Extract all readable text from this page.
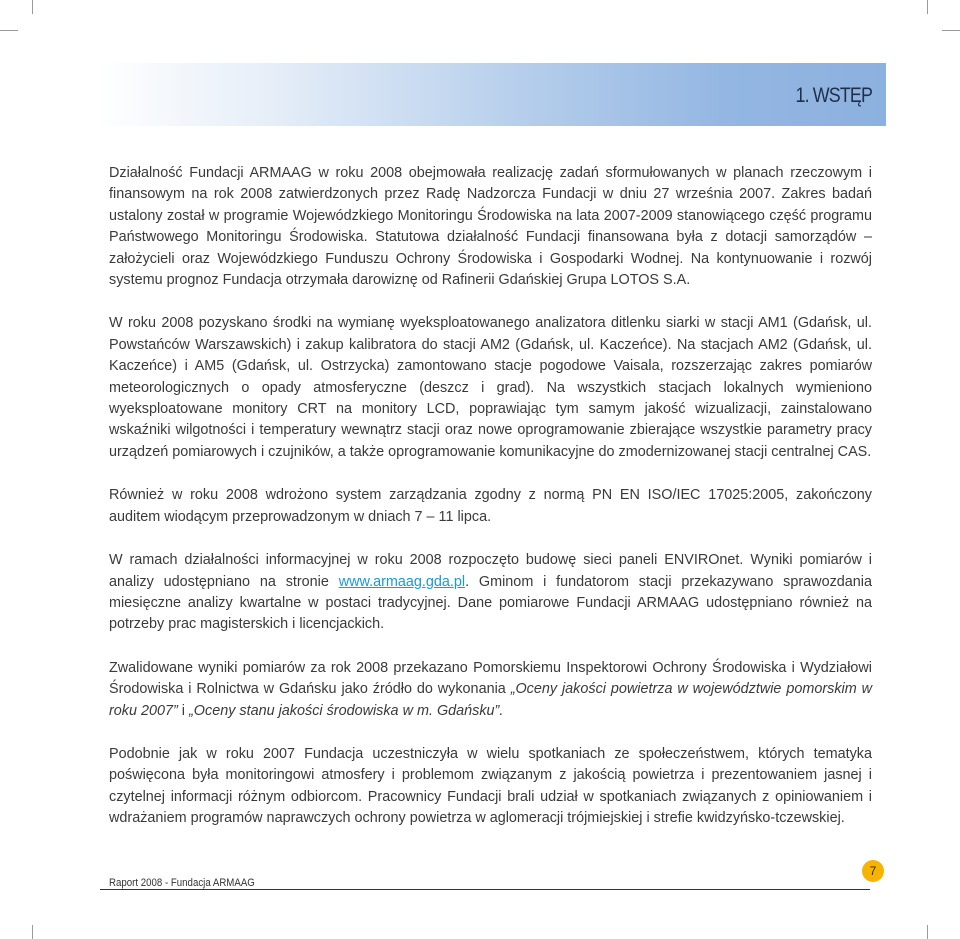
1. WSTĘP

Działalność Fundacji ARMAAG w roku 2008 obejmowała realizację zadań sformułowanych w planach rzeczowym i finansowym na rok 2008 zatwierdzonych przez Radę Nadzorcza Fundacji w dniu 27 września 2007. Zakres badań ustalony został w programie Wojewódzkiego Monitoringu Środowiska na lata 2007-2009 stanowiącego część programu Państwowego Monitoringu Środowiska. Statutowa działalność Fundacji finansowana była z dotacji samorządów – założycieli oraz Wojewódzkiego Funduszu Ochrony Środowiska i Gospodarki Wodnej. Na kontynuowanie i rozwój systemu prognoz Fundacja otrzymała darowiznę od Rafinerii Gdańskiej Grupa LOTOS S.A.

W roku 2008 pozyskano środki na wymianę wyeksploatowanego analizatora ditlenku siarki w stacji AM1 (Gdańsk, ul. Powstańców Warszawskich) i zakup kalibratora do stacji AM2 (Gdańsk, ul. Kaczeńce). Na stacjach AM2 (Gdańsk, ul. Kaczeńce) i AM5 (Gdańsk, ul. Ostrzycka) zamontowano stacje pogodowe Vaisala, rozszerzając zakres pomiarów meteorologicznych o opady atmosferyczne (deszcz i grad). Na wszystkich stacjach lokalnych wymieniono wyeksploatowane monitory CRT na monitory LCD, poprawiając tym samym jakość wizualizacji, zainstalowano wskaźniki wilgotności i temperatury wewnątrz stacji oraz nowe oprogramowanie zbierające wszystkie parametry pracy urządzeń pomiarowych i czujników, a także oprogramowanie komunikacyjne do zmodernizowanej stacji centralnej CAS.

Również w roku 2008 wdrożono system zarządzania zgodny z normą PN EN ISO/IEC 17025:2005, zakończony auditem wiodącym przeprowadzonym w dniach 7 – 11 lipca.

W ramach działalności informacyjnej w roku 2008 rozpoczęto budowę sieci paneli ENVIROnet. Wyniki pomiarów i analizy udostępniano na stronie www.armaag.gda.pl. Gminom i fundatorom stacji przekazywano sprawozdania miesięczne analizy kwartalne w postaci tradycyjnej. Dane pomiarowe Fundacji ARMAAG udostępniano również na potrzeby prac magisterskich i licencjackich.

Zwalidowane wyniki pomiarów za rok 2008 przekazano Pomorskiemu Inspektorowi Ochrony Środowiska i Wydziałowi Środowiska i Rolnictwa w Gdańsku jako źródło do wykonania „Oceny jakości powietrza w województwie pomorskim w roku 2007” i „Oceny stanu jakości środowiska w m. Gdańsku”.

Podobnie jak w roku 2007 Fundacja uczestniczyła w wielu spotkaniach ze społeczeństwem, których tematyka poświęcona była monitoringowi atmosfery i problemom związanym z jakością powietrza i prezentowaniem jasnej i czytelnej informacji różnym odbiorcom. Pracownicy Fundacji brali udział w spotkaniach związanych z opiniowaniem i wdrażaniem programów naprawczych ochrony powietrza w aglomeracji trójmiejskiej i strefie kwidzyńsko-tczewskiej.

Raport 2008 - Fundacja ARMAAG
7
